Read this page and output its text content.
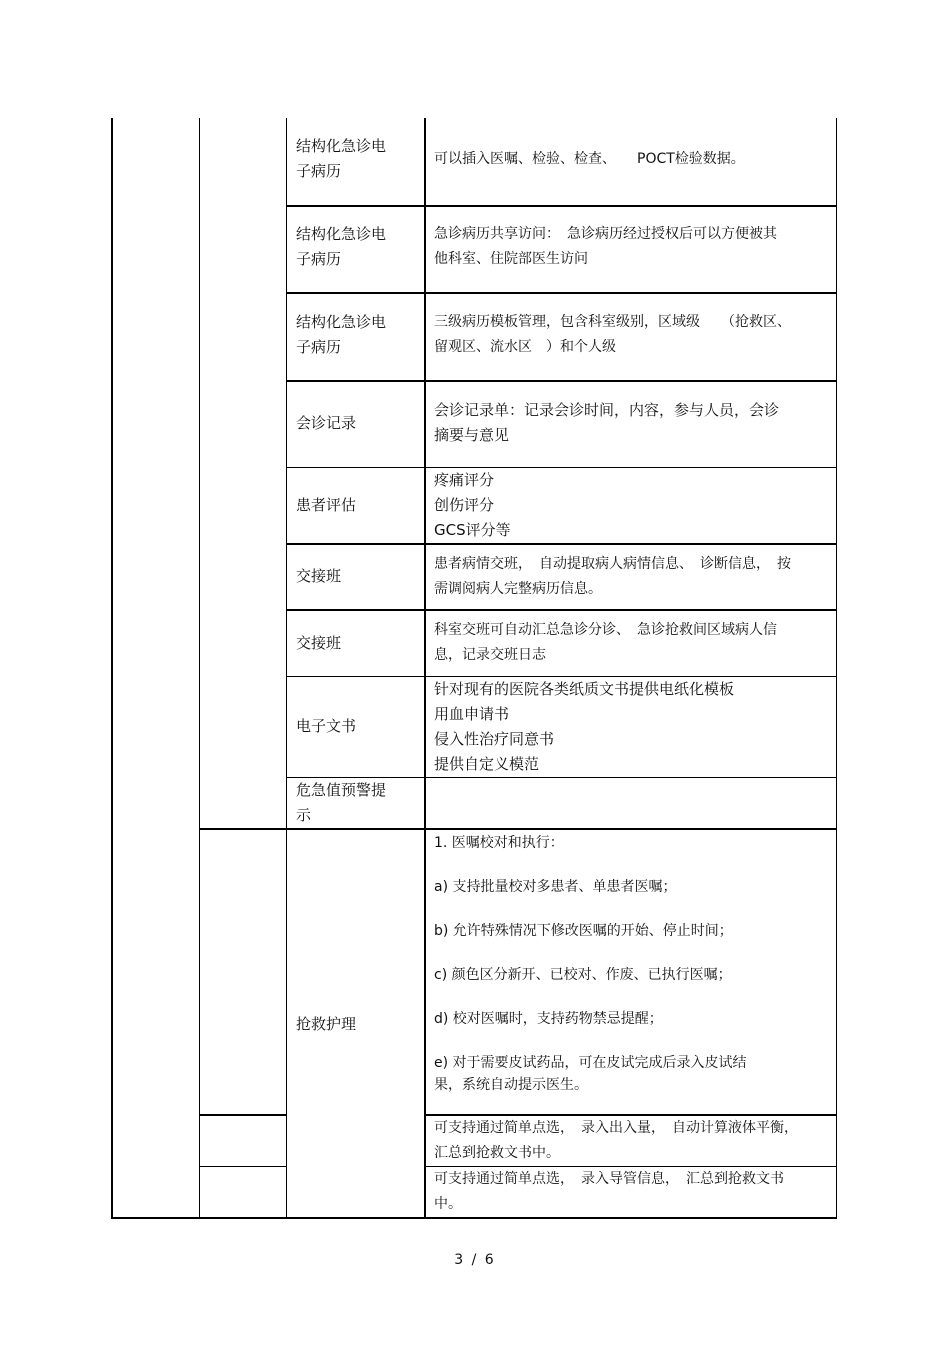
结构化急诊电
子病历
可以插入医嘱、检验、检查、　　POCT检验数据。
结构化急诊电
子病历
急诊病历共享访问：　急诊病历经过授权后可以方便被其
他科室、住院部医生访问
结构化急诊电
子病历
三级病历模板管理，包含科室级别，区域级　　（抢救区、
留观区、流水区　）和个人级
会诊记录
会诊记录单：记录会诊时间，内容，参与人员，会诊
摘要与意见
患者评估
疼痛评分
创伤评分
GCS评分等
交接班
患者病情交班，　自动提取病人病情信息、　诊断信息，　按
需调阅病人完整病历信息。
交接班
科室交班可自动汇总急诊分诊、　急诊抢救间区域病人信
息，记录交班日志
电子文书
针对现有的医院各类纸质文书提供电纸化模板
用血申请书
侵入性治疗同意书
提供自定义模范
危急值预警提
示
抢救护理
1. 医嘱校对和执行：
a) 支持批量校对多患者、单患者医嘱；
b) 允许特殊情况下修改医嘱的开始、停止时间；
c) 颜色区分新开、已校对、作废、已执行医嘱；
d) 校对医嘱时，支持药物禁忌提醒；
e) 对于需要皮试药品，可在皮试完成后录入皮试结
果，系统自动提示医生。
可支持通过简单点选，　录入出入量，　自动计算液体平衡，
汇总到抢救文书中。
可支持通过简单点选，　录入导管信息，　汇总到抢救文书
中。
3 / 6
